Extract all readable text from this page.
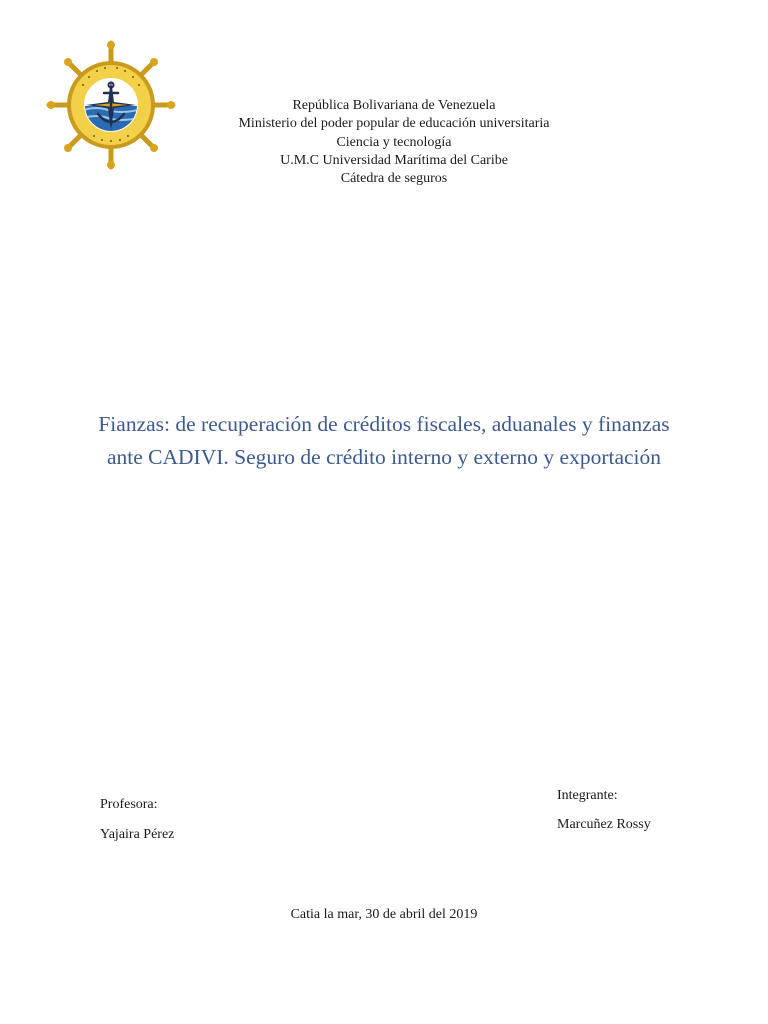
República Bolivariana de Venezuela
Ministerio del poder popular de educación universitaria
Ciencia y tecnología
U.M.C Universidad Marítima del Caribe
Cátedra de seguros
Fianzas: de recuperación de créditos fiscales, aduanales y finanzas ante CADIVI. Seguro de crédito interno y externo y exportación
Profesora:
Yajaira Pérez
Integrante:
Marcuñez Rossy
Catia la mar, 30 de abril del 2019
